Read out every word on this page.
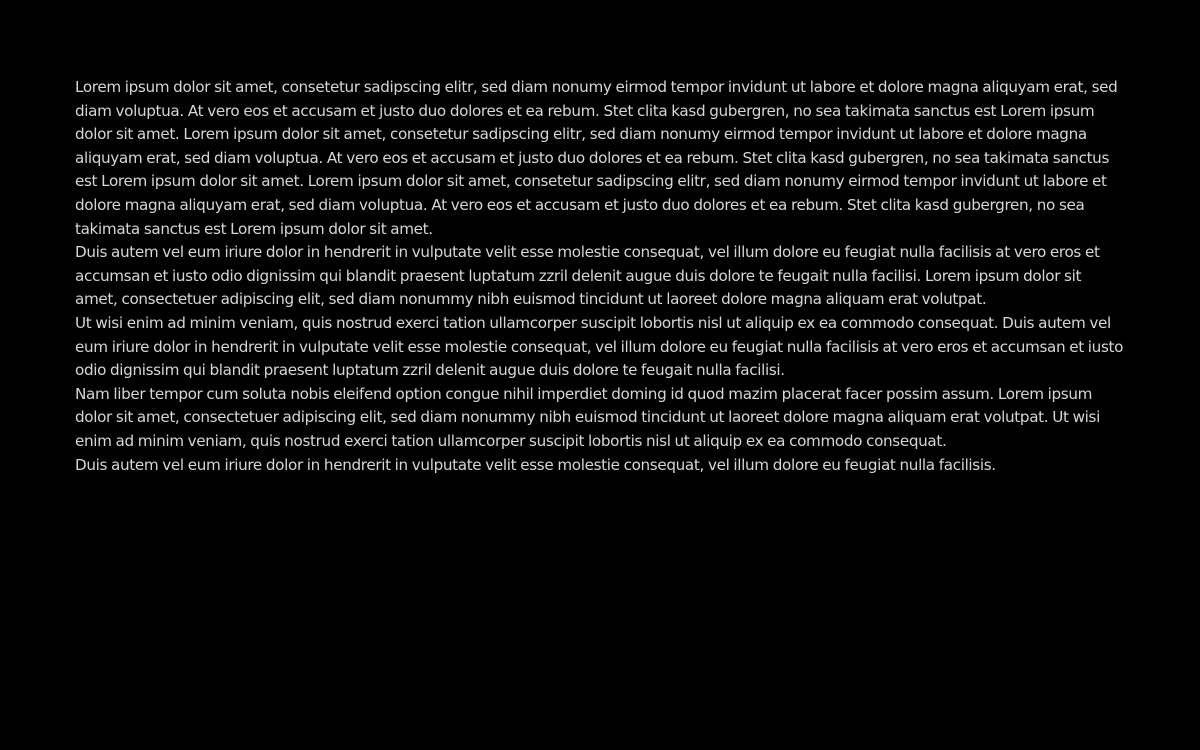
Lorem ipsum dolor sit amet, consetetur sadipscing elitr, sed diam nonumy eirmod tempor invidunt ut labore et dolore magna aliquyam erat, sed diam voluptua. At vero eos et accusam et justo duo dolores et ea rebum. Stet clita kasd gubergren, no sea takimata sanctus est Lorem ipsum dolor sit amet. Lorem ipsum dolor sit amet, consetetur sadipscing elitr, sed diam nonumy eirmod tempor invidunt ut labore et dolore magna aliquyam erat, sed diam voluptua. At vero eos et accusam et justo duo dolores et ea rebum. Stet clita kasd gubergren, no sea takimata sanctus est Lorem ipsum dolor sit amet. Lorem ipsum dolor sit amet, consetetur sadipscing elitr, sed diam nonumy eirmod tempor invidunt ut labore et dolore magna aliquyam erat, sed diam voluptua. At vero eos et accusam et justo duo dolores et ea rebum. Stet clita kasd gubergren, no sea takimata sanctus est Lorem ipsum dolor sit amet.

Duis autem vel eum iriure dolor in hendrerit in vulputate velit esse molestie consequat, vel illum dolore eu feugiat nulla facilisis at vero eros et accumsan et iusto odio dignissim qui blandit praesent luptatum zzril delenit augue duis dolore te feugait nulla facilisi. Lorem ipsum dolor sit amet, consectetuer adipiscing elit, sed diam nonummy nibh euismod tincidunt ut laoreet dolore magna aliquam erat volutpat.

Ut wisi enim ad minim veniam, quis nostrud exerci tation ullamcorper suscipit lobortis nisl ut aliquip ex ea commodo consequat. Duis autem vel eum iriure dolor in hendrerit in vulputate velit esse molestie consequat, vel illum dolore eu feugiat nulla facilisis at vero eros et accumsan et iusto odio dignissim qui blandit praesent luptatum zzril delenit augue duis dolore te feugait nulla facilisi.

Nam liber tempor cum soluta nobis eleifend option congue nihil imperdiet doming id quod mazim placerat facer possim assum. Lorem ipsum dolor sit amet, consectetuer adipiscing elit, sed diam nonummy nibh euismod tincidunt ut laoreet dolore magna aliquam erat volutpat. Ut wisi enim ad minim veniam, quis nostrud exerci tation ullamcorper suscipit lobortis nisl ut aliquip ex ea commodo consequat.

Duis autem vel eum iriure dolor in hendrerit in vulputate velit esse molestie consequat, vel illum dolore eu feugiat nulla facilisis.
